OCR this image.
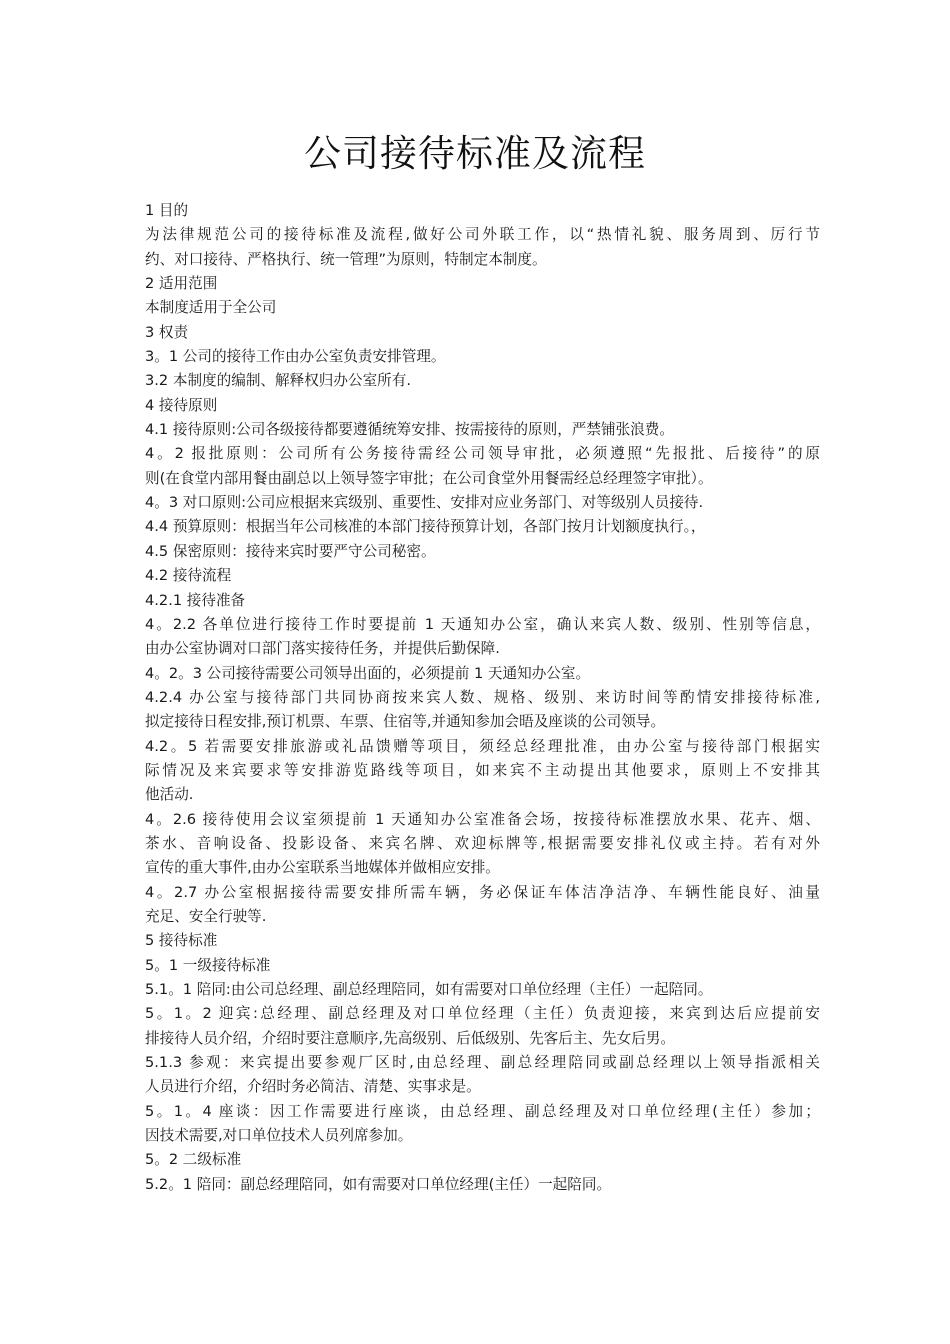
公司接待标准及流程
1 目的
为法律规范公司的接待标准及流程,做好公司外联工作，以“热情礼貌、服务周到、厉行节
约、对口接待、严格执行、统一管理”为原则，特制定本制度。
2 适用范围
本制度适用于全公司
3 权责
3。1 公司的接待工作由办公室负责安排管理。
3.2 本制度的编制、解释权归办公室所有.
4 接待原则
4.1 接待原则:公司各级接待都要遵循统筹安排、按需接待的原则，严禁铺张浪费。
4。2 报批原则：公司所有公务接待需经公司领导审批，必须遵照“先报批、后接待”的原
则(在食堂内部用餐由副总以上领导签字审批；在公司食堂外用餐需经总经理签字审批）。
4。3 对口原则:公司应根据来宾级别、重要性、安排对应业务部门、对等级别人员接待.
4.4 预算原则：根据当年公司核准的本部门接待预算计划，各部门按月计划额度执行。，
4.5 保密原则：接待来宾时要严守公司秘密。
4.2 接待流程
4.2.1 接待准备
4。2.2 各单位进行接待工作时要提前 1 天通知办公室，确认来宾人数、级别、性别等信息，
由办公室协调对口部门落实接待任务，并提供后勤保障.
4。2。3 公司接待需要公司领导出面的，必须提前 1 天通知办公室。
4.2.4 办公室与接待部门共同协商按来宾人数、规格、级别、来访时间等酌情安排接待标准,
拟定接待日程安排,预订机票、车票、住宿等,并通知参加会晤及座谈的公司领导。
4.2。5 若需要安排旅游或礼品馈赠等项目，须经总经理批准，由办公室与接待部门根据实
际情况及来宾要求等安排游览路线等项目，如来宾不主动提出其他要求，原则上不安排其
他活动.
4。2.6 接待使用会议室须提前 1 天通知办公室准备会场，按接待标准摆放水果、花卉、烟、
茶水、音响设备、投影设备、来宾名牌、欢迎标牌等,根据需要安排礼仪或主持。若有对外
宣传的重大事件,由办公室联系当地媒体并做相应安排。
4。2.7 办公室根据接待需要安排所需车辆，务必保证车体洁净洁净、车辆性能良好、油量
充足、安全行驶等.
5 接待标准
5。1 一级接待标准
5.1。1 陪同:由公司总经理、副总经理陪同，如有需要对口单位经理（主任）一起陪同。
5。1。2 迎宾:总经理、副总经理及对口单位经理（主任）负责迎接，来宾到达后应提前安
排接待人员介绍，介绍时要注意顺序,先高级别、后低级别、先客后主、先女后男。
5.1.3 参观：来宾提出要参观厂区时,由总经理、副总经理陪同或副总经理以上领导指派相关
人员进行介绍，介绍时务必简洁、清楚、实事求是。
5。1。4 座谈：因工作需要进行座谈，由总经理、副总经理及对口单位经理(主任）参加；
因技术需要,对口单位技术人员列席参加。
5。2 二级标准
5.2。1 陪同：副总经理陪同，如有需要对口单位经理(主任）一起陪同。
